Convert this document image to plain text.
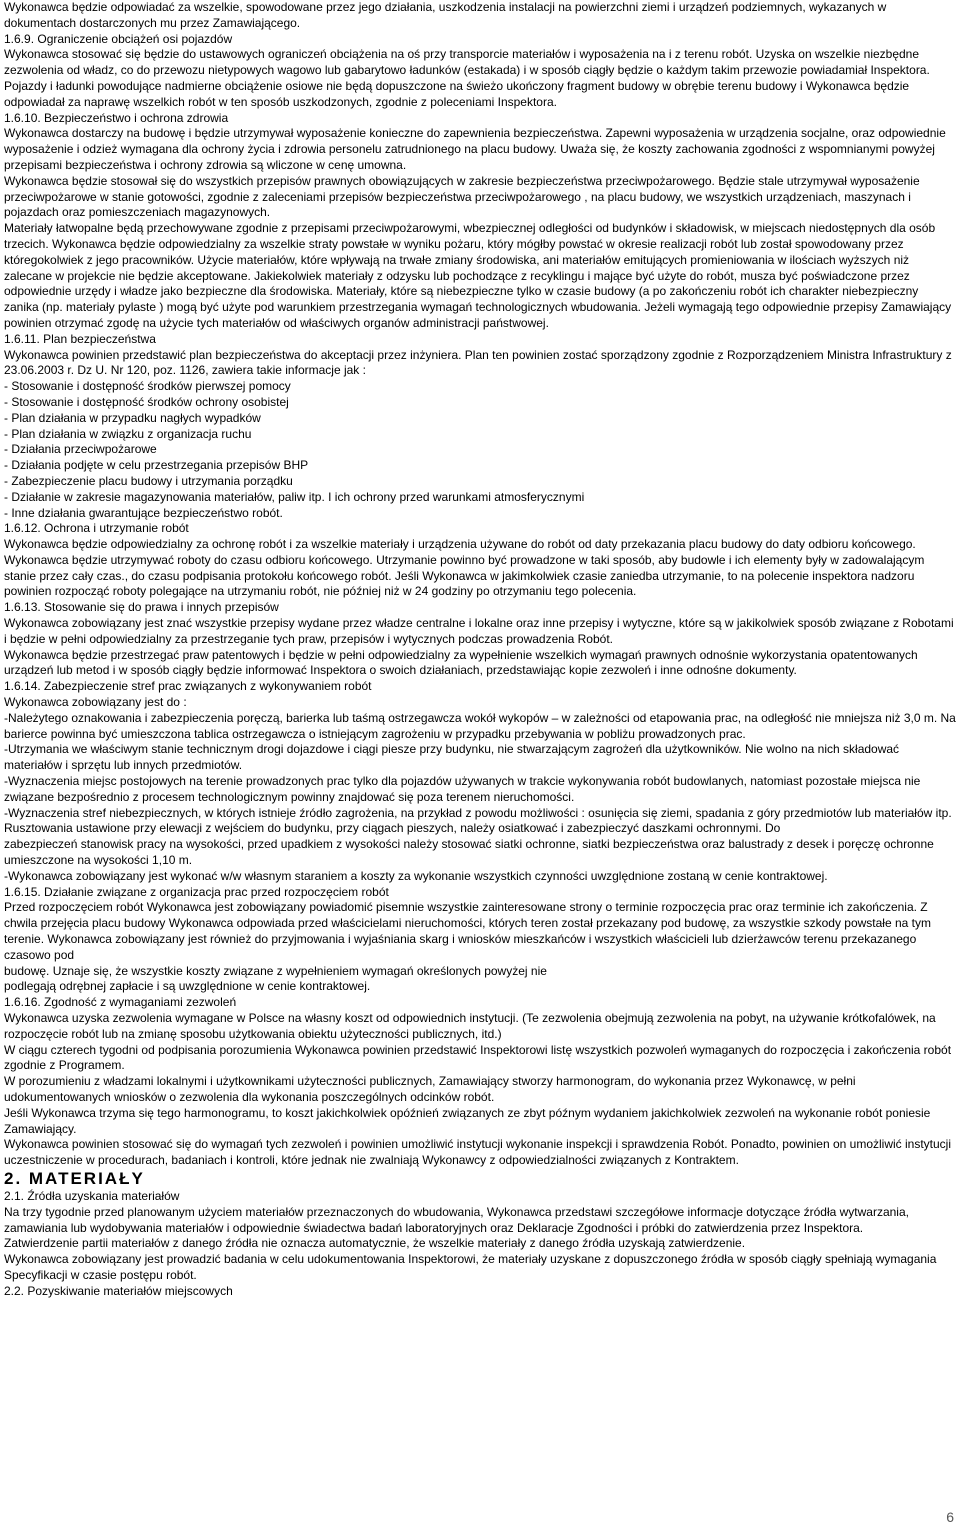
Wykonawca będzie odpowiadać za wszelkie, spowodowane przez jego działania, uszkodzenia instalacji na powierzchni ziemi i urządzeń podziemnych, wykazanych w dokumentach dostarczonych mu przez Zamawiającego.

1.6.9. Ograniczenie obciążeń osi pojazdów

Wykonawca stosować się będzie do ustawowych ograniczeń obciążenia na oś przy transporcie materiałów i wyposażenia na i z terenu robót. Uzyska on wszelkie niezbędne zezwolenia od władz, co do przewozu nietypowych wagowo lub gabarytowo ładunków (estakada) i w sposób ciągły będzie o każdym takim przewozie powiadamiał Inspektora. Pojazdy i ładunki powodujące nadmierne obciążenie osiowe nie będą dopuszczone na świeżo ukończony fragment budowy w obrębie terenu budowy i Wykonawca będzie odpowiadał za naprawę wszelkich robót w ten sposób uszkodzonych, zgodnie z poleceniami Inspektora.

1.6.10. Bezpieczeństwo i ochrona zdrowia

Wykonawca dostarczy na budowę i będzie utrzymywał wyposażenie konieczne do zapewnienia bezpieczeństwa. Zapewni wyposażenia w urządzenia socjalne, oraz odpowiednie wyposażenie i odzież wymagana dla ochrony życia i zdrowia personelu zatrudnionego na placu budowy. Uważa się, że koszty zachowania zgodności z wspomnianymi powyżej przepisami bezpieczeństwa i ochrony zdrowia są wliczone w cenę umowna.

Wykonawca będzie stosował się do wszystkich przepisów prawnych obowiązujących w zakresie bezpieczeństwa przeciwpożarowego. Będzie stale utrzymywał wyposażenie przeciwpożarowe w stanie gotowości, zgodnie z zaleceniami przepisów bezpieczeństwa przeciwpożarowego , na placu budowy, we wszystkich urządzeniach, maszynach i pojazdach oraz pomieszczeniach magazynowych.

Materiały łatwopalne będą przechowywane zgodnie z przepisami przeciwpożarowymi, wbezpiecznej odległości od budynków i składowisk, w miejscach niedostępnych dla osób trzecich. Wykonawca będzie odpowiedzialny za wszelkie straty powstałe w wyniku pożaru, który mógłby powstać w okresie realizacji robót lub został spowodowany przez któregokolwiek z jego pracowników. Użycie materiałów, które wpływają na trwałe zmiany środowiska, ani materiałów emitujących promieniowania w ilościach wyższych niż zalecane w projekcie nie będzie akceptowane. Jakiekolwiek materiały z odzysku lub pochodzące z recyklingu i mające być użyte do robót, musza być poświadczone przez odpowiednie urzędy i władze jako bezpieczne dla środowiska. Materiały, które są niebezpieczne tylko w czasie budowy (a po zakończeniu robót ich charakter niebezpieczny zanika (np. materiały pylaste ) mogą być użyte pod warunkiem przestrzegania wymagań technologicznych wbudowania. Jeżeli wymagają tego odpowiednie przepisy Zamawiający powinien otrzymać zgodę na użycie tych materiałów od właściwych organów administracji państwowej.

1.6.11. Plan bezpieczeństwa

Wykonawca powinien przedstawić plan bezpieczeństwa do akceptacji przez inżyniera. Plan ten powinien zostać sporządzony zgodnie z Rozporządzeniem Ministra Infrastruktury z 23.06.2003 r. Dz U. Nr 120, poz. 1126, zawiera takie informacje jak :

- Stosowanie i dostępność środków pierwszej pomocy

- Stosowanie i dostępność środków ochrony osobistej

- Plan działania w przypadku nagłych wypadków

- Plan działania w związku z organizacja ruchu

- Działania przeciwpożarowe

- Działania podjęte w celu przestrzegania przepisów BHP

- Zabezpieczenie placu budowy i utrzymania porządku

- Działanie w zakresie magazynowania materiałów, paliw itp. I ich ochrony przed warunkami atmosferycznymi

- Inne działania gwarantujące bezpieczeństwo robót.

1.6.12. Ochrona i utrzymanie robót

Wykonawca będzie odpowiedzialny za ochronę robót i za wszelkie materiały i urządzenia używane do robót od daty przekazania placu budowy do daty odbioru końcowego. Wykonawca będzie utrzymywać roboty do czasu odbioru końcowego. Utrzymanie powinno być prowadzone w taki sposób, aby budowle i ich elementy były w zadowalającym stanie przez cały czas., do czasu podpisania protokołu końcowego robót. Jeśli Wykonawca w jakimkolwiek czasie zaniedba utrzymanie, to na polecenie inspektora nadzoru powinien rozpocząć roboty polegające na utrzymaniu robót, nie później niż w 24 godziny po otrzymaniu tego polecenia.

1.6.13. Stosowanie się do prawa i innych przepisów

Wykonawca zobowiązany jest znać wszystkie przepisy wydane przez władze centralne i lokalne oraz inne przepisy i wytyczne, które są w jakikolwiek sposób związane z Robotami i będzie w pełni odpowiedzialny za przestrzeganie tych praw, przepisów i wytycznych podczas prowadzenia Robót.

Wykonawca będzie przestrzegać praw patentowych i będzie w pełni odpowiedzialny za wypełnienie wszelkich wymagań prawnych odnośnie wykorzystania opatentowanych urządzeń lub metod i w sposób ciągły będzie informować Inspektora o swoich działaniach, przedstawiając kopie zezwoleń i inne odnośne dokumenty.

1.6.14. Zabezpieczenie stref prac związanych z wykonywaniem robót

Wykonawca zobowiązany jest do :

-Należytego oznakowania i zabezpieczenia poręczą, barierka lub taśmą ostrzegawcza wokół wykopów – w zależności od etapowania prac, na odległość nie mniejsza niż 3,0 m. Na barierce powinna być umieszczona tablica ostrzegawcza o istniejącym zagrożeniu w przypadku przebywania w pobliżu prowadzonych prac.

-Utrzymania we właściwym stanie technicznym drogi dojazdowe i ciągi piesze przy budynku, nie stwarzającym zagrożeń dla użytkowników. Nie wolno na nich składować materiałów i sprzętu lub innych przedmiotów.

-Wyznaczenia miejsc postojowych na terenie prowadzonych prac tylko dla pojazdów używanych w trakcie wykonywania robót budowlanych, natomiast pozostałe miejsca nie związane bezpośrednio z procesem technologicznym powinny znajdować się poza terenem nieruchomości.

-Wyznaczenia stref niebezpiecznych, w których istnieje źródło zagrożenia, na przykład z powodu możliwości : osunięcia się ziemi, spadania z góry przedmiotów lub materiałów itp. Rusztowania ustawione przy elewacji z wejściem do budynku, przy ciągach pieszych, należy osiatkować i zabezpieczyć daszkami ochronnymi. Do

zabezpieczeń stanowisk pracy na wysokości, przed upadkiem z wysokości należy stosować siatki ochronne, siatki bezpieczeństwa oraz balustrady z desek i poręczę ochronne umieszczone na wysokości 1,10 m.

-Wykonawca zobowiązany jest wykonać w/w własnym staraniem a koszty za wykonanie wszystkich czynności uwzględnione zostaną w cenie kontraktowej.

1.6.15. Działanie związane z organizacja prac przed rozpoczęciem robót

Przed rozpoczęciem robót Wykonawca jest zobowiązany powiadomić pisemnie wszystkie zainteresowane strony o terminie rozpoczęcia prac oraz terminie ich zakończenia. Z chwila przejęcia placu budowy Wykonawca odpowiada przed właścicielami nieruchomości, których teren został przekazany pod budowę, za wszystkie szkody powstałe na tym terenie. Wykonawca zobowiązany jest również do przyjmowania i wyjaśniania skarg i wniosków mieszkańców i wszystkich właścicieli lub dzierżawców terenu przekazanego czasowo pod

budowę. Uznaje się, że wszystkie koszty związane z wypełnieniem wymagań określonych powyżej nie

podlegają odrębnej zapłacie i są uwzględnione w cenie kontraktowej.

1.6.16. Zgodność z wymaganiami zezwoleń

Wykonawca uzyska zezwolenia wymagane w Polsce na własny koszt od odpowiednich instytucji. (Te zezwolenia obejmują zezwolenia na pobyt, na używanie krótkofalówek, na rozpoczęcie robót lub na zmianę sposobu użytkowania obiektu użyteczności publicznych, itd.)

W ciągu czterech tygodni od podpisania porozumienia Wykonawca powinien przedstawić Inspektorowi listę wszystkich pozwoleń wymaganych do rozpoczęcia i zakończenia robót zgodnie z Programem.

W porozumieniu z władzami lokalnymi i użytkownikami użyteczności publicznych, Zamawiający stworzy harmonogram, do wykonania przez Wykonawcę, w pełni udokumentowanych wniosków o zezwolenia dla wykonania poszczególnych odcinków robót.

Jeśli Wykonawca trzyma się tego harmonogramu, to koszt jakichkolwiek opóźnień związanych ze zbyt późnym wydaniem jakichkolwiek zezwoleń na wykonanie robót poniesie Zamawiający.

Wykonawca powinien stosować się do wymagań tych zezwoleń i powinien umożliwić instytucji wykonanie inspekcji i sprawdzenia Robót. Ponadto, powinien on umożliwić instytucji uczestniczenie w procedurach, badaniach i kontroli, które jednak nie zwalniają Wykonawcy z odpowiedzialności związanych z Kontraktem.

2. MATERIAŁY

2.1. Źródła uzyskania materiałów

Na trzy tygodnie przed planowanym użyciem materiałów przeznaczonych do wbudowania, Wykonawca przedstawi szczegółowe informacje dotyczące źródła wytwarzania, zamawiania lub wydobywania materiałów i odpowiednie świadectwa badań laboratoryjnych oraz Deklaracje Zgodności i próbki do zatwierdzenia przez Inspektora.

Zatwierdzenie partii materiałów z danego źródła nie oznacza automatycznie, że wszelkie materiały z danego źródła uzyskają zatwierdzenie.

Wykonawca zobowiązany jest prowadzić badania w celu udokumentowania Inspektorowi, że materiały uzyskane z dopuszczonego źródła w sposób ciągły spełniają wymagania Specyfikacji w czasie postępu robót.

2.2. Pozyskiwanie materiałów miejscowych

6
